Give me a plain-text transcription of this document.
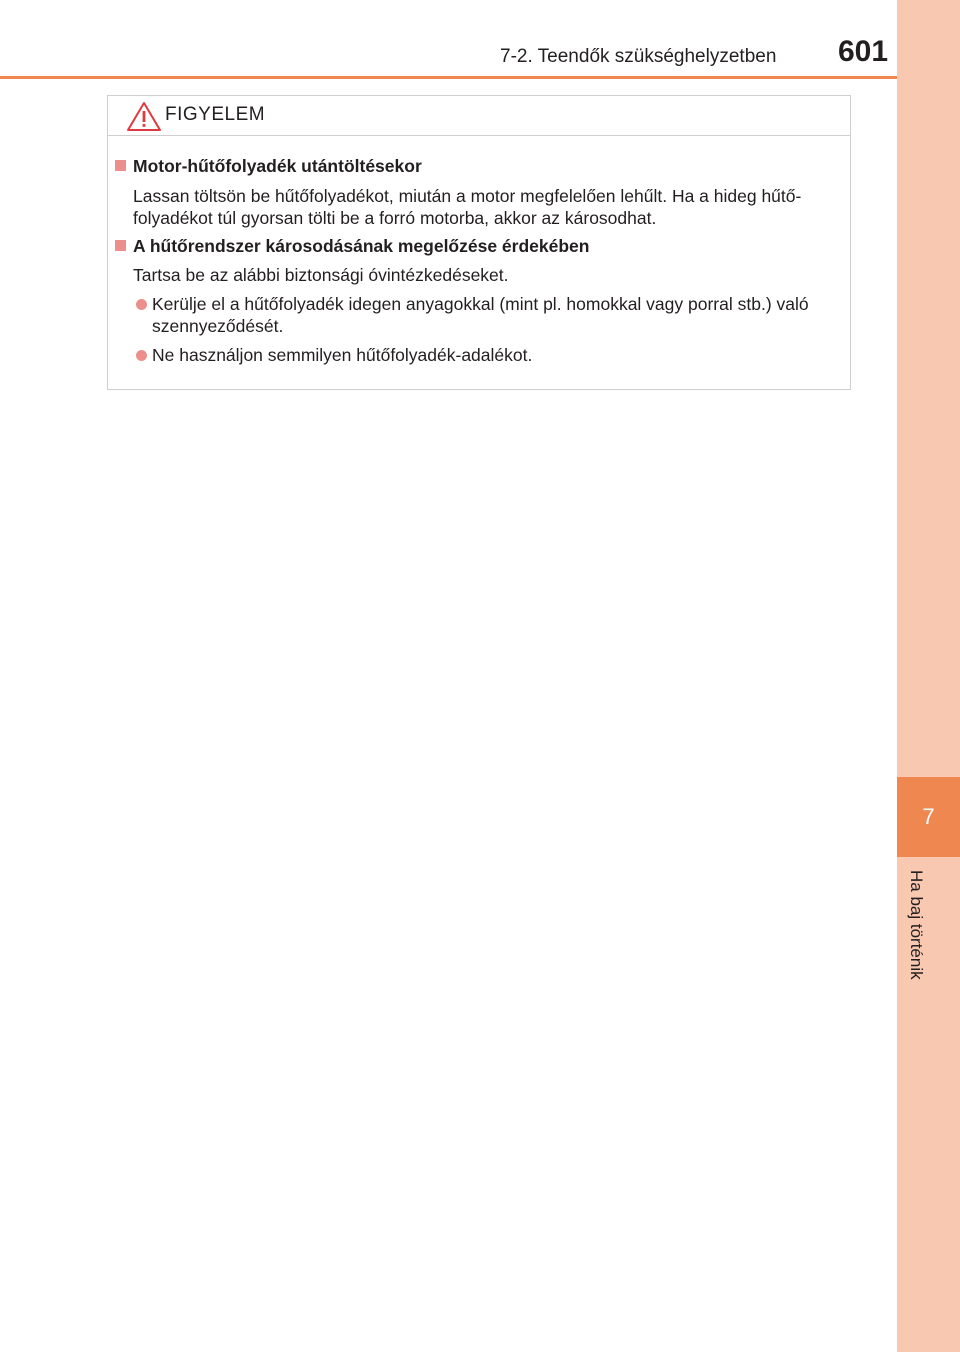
7
Ha baj történik
7-2. Teendők szükséghelyzetben 601
FIGYELEM
Motor-hűtőfolyadék utántöltésekor
Lassan töltsön be hűtőfolyadékot, miután a motor megfelelően lehűlt. Ha a hideg hűtő-folyadékot túl gyorsan tölti be a forró motorba, akkor az károsodhat.
A hűtőrendszer károsodásának megelőzése érdekében
Tartsa be az alábbi biztonsági óvintézkedéseket.
Kerülje el a hűtőfolyadék idegen anyagokkal (mint pl. homokkal vagy porral stb.) való szennyeződését.
Ne használjon semmilyen hűtőfolyadék-adalékot.
